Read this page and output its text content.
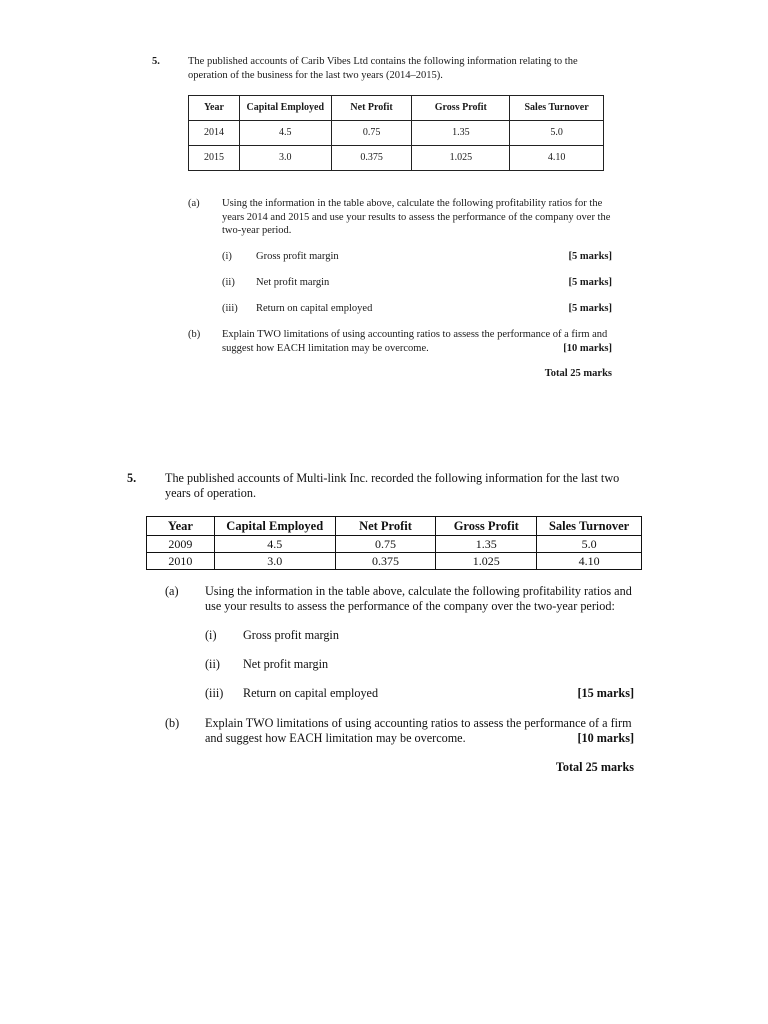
5.	The published accounts of Carib Vibes Ltd contains the following information relating to the operation of the business for the last two years (2014–2015).

Year	Capital Employed	Net Profit	Gross Profit	Sales Turnover
2014	4.5	0.75	1.35	5.0
2015	3.0	0.375	1.025	4.10
(a) Using the information in the table above, calculate the following profitability ratios for the years 2014 and 2015 and use your results to assess the performance of the company over the two-year period.

(i) Gross profit margin	[5 marks]
(ii) Net profit margin	[5 marks]
(iii) Return on capital employed	[5 marks]
(b) Explain TWO limitations of using accounting ratios to assess the performance of a firm and suggest how EACH limitation may be overcome.	[10 marks]
Total 25 marks
5. The published accounts of Multi-link Inc. recorded the following information for the last two years of operation.

Year	Capital Employed	Net Profit	Gross Profit	Sales Turnover
2009	4.5	0.75	1.35	5.0
2010	3.0	0.375	1.025	4.10
(a) Using the information in the table above, calculate the following profitability ratios and use your results to assess the performance of the company over the two-year period:

(i) Gross profit margin
(ii) Net profit margin
(iii) Return on capital employed	[15 marks]
(b) Explain TWO limitations of using accounting ratios to assess the performance of a firm and suggest how EACH limitation may be overcome.	[10 marks]
Total 25 marks
